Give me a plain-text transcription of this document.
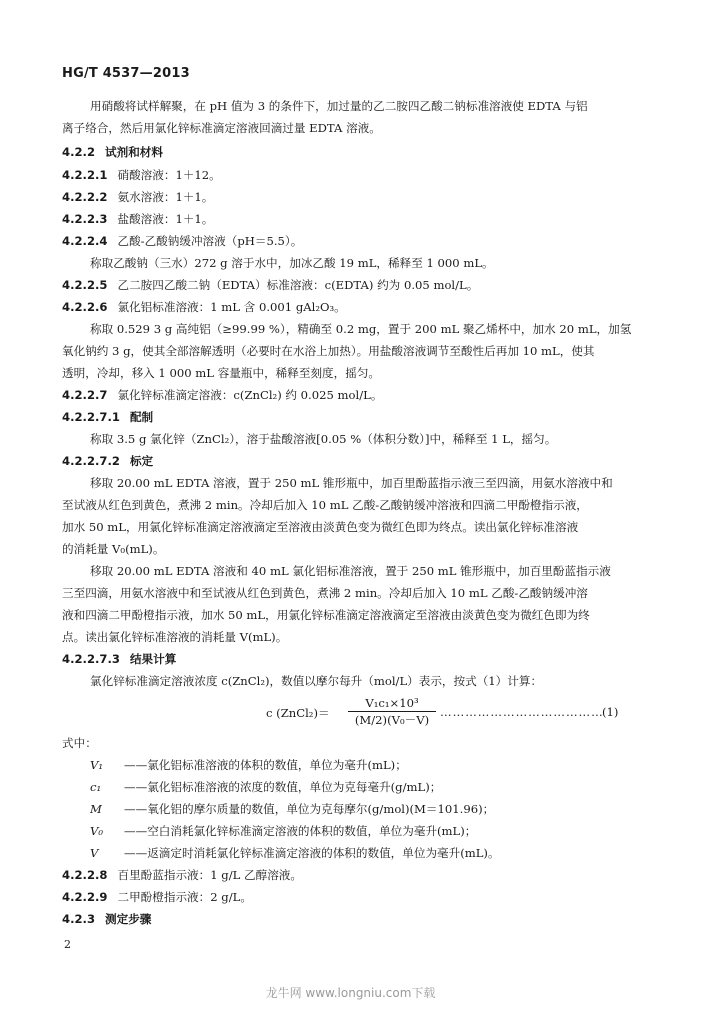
HG/T 4537—2013
用硝酸将试样解聚，在 pH 值为 3 的条件下，加过量的乙二胺四乙酸二钠标准溶液使 EDTA 与铝
离子络合，然后用氯化锌标准滴定溶液回滴过量 EDTA 溶液。
4.2.2 试剂和材料
4.2.2.1 硝酸溶液：1＋12。
4.2.2.2 氨水溶液：1＋1。
4.2.2.3 盐酸溶液：1＋1。
4.2.2.4 乙酸-乙酸钠缓冲溶液（pH＝5.5）。
称取乙酸钠（三水）272 g 溶于水中，加冰乙酸 19 mL，稀释至 1 000 mL。
4.2.2.5 乙二胺四乙酸二钠（EDTA）标准溶液：c(EDTA) 约为 0.05 mol/L。
4.2.2.6 氯化铝标准溶液：1 mL 含 0.001 gAl₂O₃。
称取 0.529 3 g 高纯铝（≥99.99 %），精确至 0.2 mg，置于 200 mL 聚乙烯杯中，加水 20 mL，加氢
氧化钠约 3 g，使其全部溶解透明（必要时在水浴上加热）。用盐酸溶液调节至酸性后再加 10 mL，使其
透明，冷却，移入 1 000 mL 容量瓶中，稀释至刻度，摇匀。
4.2.2.7 氯化锌标准滴定溶液：c(ZnCl₂) 约 0.025 mol/L。
4.2.2.7.1 配制
称取 3.5 g 氯化锌（ZnCl₂），溶于盐酸溶液[0.05 %（体积分数）]中，稀释至 1 L，摇匀。
4.2.2.7.2 标定
移取 20.00 mL EDTA 溶液，置于 250 mL 锥形瓶中，加百里酚蓝指示液三至四滴，用氨水溶液中和
至试液从红色到黄色，煮沸 2 min。冷却后加入 10 mL 乙酸-乙酸钠缓冲溶液和四滴二甲酚橙指示液，
加水 50 mL，用氯化锌标准滴定溶液滴定至溶液由淡黄色变为微红色即为终点。读出氯化锌标准溶液
的消耗量 V₀(mL)。
移取 20.00 mL EDTA 溶液和 40 mL 氯化铝标准溶液，置于 250 mL 锥形瓶中，加百里酚蓝指示液
三至四滴，用氨水溶液中和至试液从红色到黄色，煮沸 2 min。冷却后加入 10 mL 乙酸-乙酸钠缓冲溶
液和四滴二甲酚橙指示液，加水 50 mL，用氯化锌标准滴定溶液滴定至溶液由淡黄色变为微红色即为终
点。读出氯化锌标准溶液的消耗量 V(mL)。
4.2.2.7.3 结果计算
氯化锌标准滴定溶液浓度 c(ZnCl₂)，数值以摩尔每升（mol/L）表示，按式（1）计算：
c (ZnCl₂)＝ $\frac{\text{V₁c₁×10³}}{\text{(M/2)(V₀－V)}}$ …………………………………
(1)
式中：
V₁ ——氯化铝标准溶液的体积的数值，单位为毫升(mL)；
c₁ ——氯化铝标准溶液的浓度的数值，单位为克每毫升(g/mL)；
M ——氧化铝的摩尔质量的数值，单位为克每摩尔(g/mol)(M＝101.96)；
V₀ ——空白消耗氯化锌标准滴定溶液的体积的数值，单位为毫升(mL)；
V ——返滴定时消耗氯化锌标准滴定溶液的体积的数值，单位为毫升(mL)。
4.2.2.8 百里酚蓝指示液：1 g/L 乙醇溶液。
4.2.2.9 二甲酚橙指示液：2 g/L。
4.2.3 测定步骤
2
龙牛网 www.longniu.com下载
